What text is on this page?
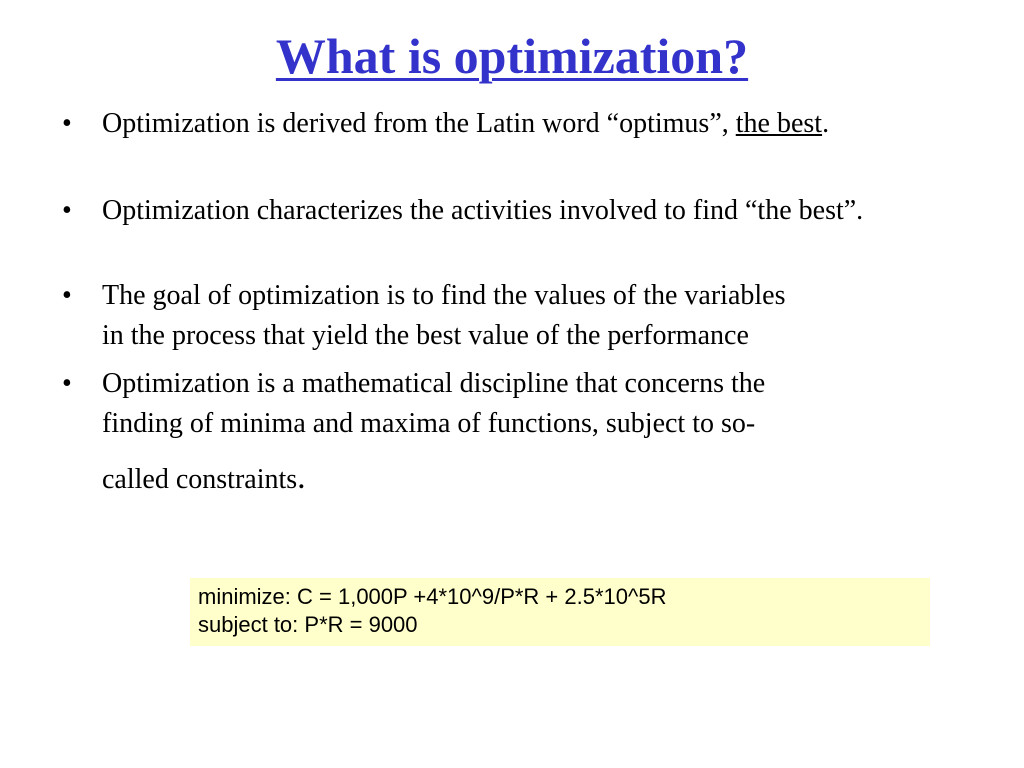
What is optimization?
•	Optimization is derived from the Latin word “optimus”, the best.
•	Optimization characterizes the activities involved to find “the best”.
•	The goal of optimization is to find the values of the variables
in the process that yield the best value of the performance
•	Optimization is a mathematical discipline that concerns the
finding of minima and maxima of functions, subject to so-
called constraints.
minimize: C = 1,000P +4*10^9/P*R + 2.5*10^5R
subject to: P*R = 9000
